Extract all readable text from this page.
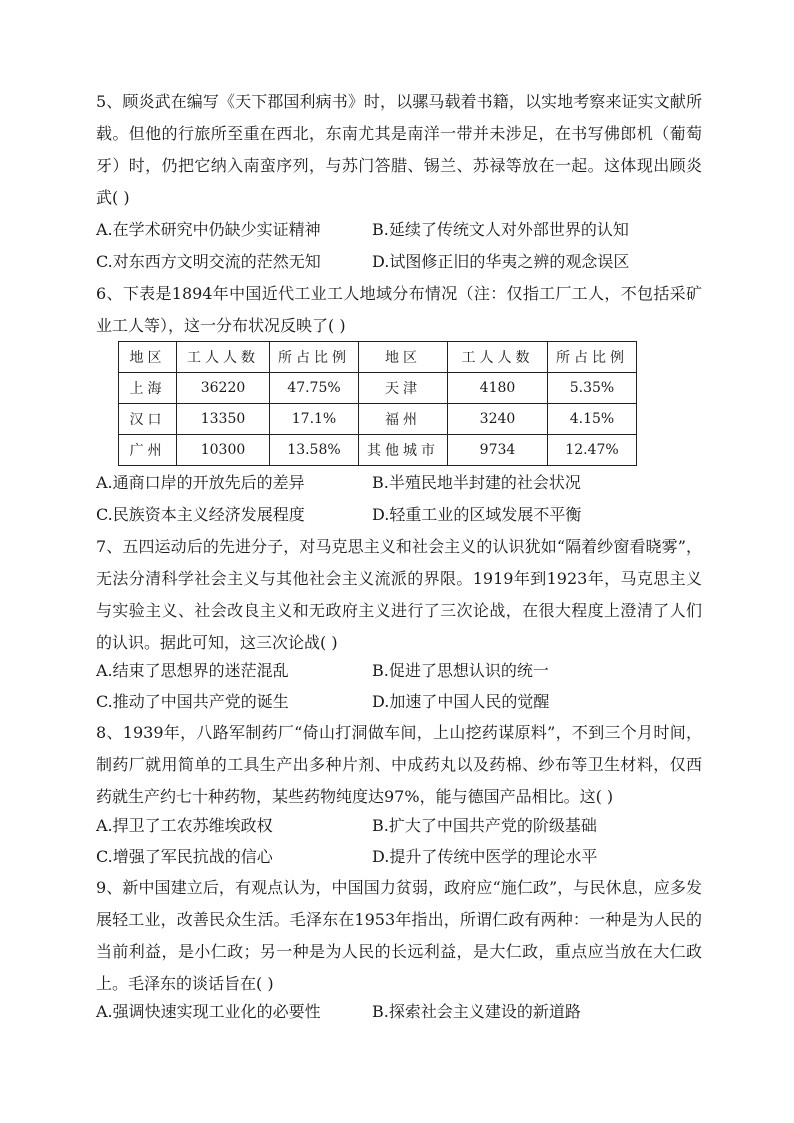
5、顾炎武在编写《天下郡国利病书》时，以骡马载着书籍，以实地考察来证实文献所载。但他的行旅所至重在西北，东南尤其是南洋一带并未涉足，在书写佛郎机（葡萄牙）时，仍把它纳入南蛮序列，与苏门答腊、锡兰、苏禄等放在一起。这体现出顾炎武( )

A.在学术研究中仍缺少实证精神	B.延续了传统文人对外部世界的认知
C.对东西方文明交流的茫然无知	D.试图修正旧的华夷之辨的观念误区

6、下表是1894年中国近代工业工人地域分布情况（注：仅指工厂工人，不包括采矿业工人等），这一分布状况反映了( )

地区	工人人数	所占比例	地区	工人人数	所占比例
上海	36220	47.75%	天津	4180	5.35%
汉口	13350	17.1%	福州	3240	4.15%
广州	10300	13.58%	其他城市	9734	12.47%
A.通商口岸的开放先后的差异	B.半殖民地半封建的社会状况
C.民族资本主义经济发展程度	D.轻重工业的区域发展不平衡

7、五四运动后的先进分子，对马克思主义和社会主义的认识犹如“隔着纱窗看晓雾”，无法分清科学社会主义与其他社会主义流派的界限。1919年到1923年，马克思主义与实验主义、社会改良主义和无政府主义进行了三次论战，在很大程度上澄清了人们的认识。据此可知，这三次论战( )

A.结束了思想界的迷茫混乱	B.促进了思想认识的统一
C.推动了中国共产党的诞生	D.加速了中国人民的觉醒

8、1939年，八路军制药厂“倚山打洞做车间，上山挖药谋原料”，不到三个月时间，制药厂就用简单的工具生产出多种片剂、中成药丸以及药棉、纱布等卫生材料，仅西药就生产约七十种药物，某些药物纯度达97%，能与德国产品相比。这( )

A.捍卫了工农苏维埃政权	B.扩大了中国共产党的阶级基础
C.增强了军民抗战的信心	D.提升了传统中医学的理论水平

9、新中国建立后，有观点认为，中国国力贫弱，政府应“施仁政”，与民休息，应多发展轻工业，改善民众生活。毛泽东在1953年指出，所谓仁政有两种：一种是为人民的当前利益，是小仁政；另一种是为人民的长远利益，是大仁政，重点应当放在大仁政上。毛泽东的谈话旨在( )

A.强调快速实现工业化的必要性	B.探索社会主义建设的新道路
